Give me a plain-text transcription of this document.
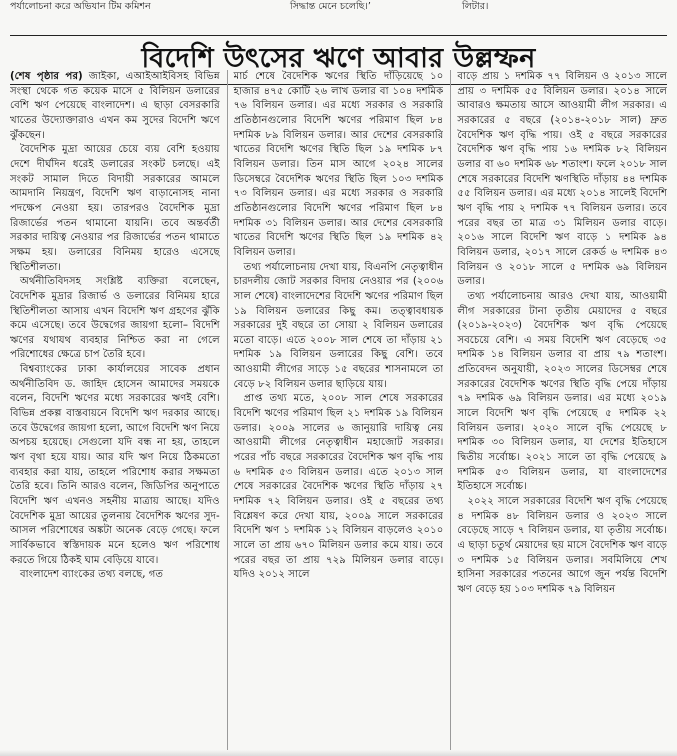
পর্যালোচনা করে অভিযান টিম কমিশন	সিদ্ধান্ত মেনে চলেছি।’	লিটার।
বিদেশি উৎসের ঋণে আবার উল্লম্ফন

(শেষ পৃষ্ঠার পর) জাইকা, এআইআইবিসহ বিভিন্ন সংস্থা থেকে গত কয়েক মাসে ৫ বিলিয়ন ডলারের বেশি ঋণ পেয়েছে বাংলাদেশ। এ ছাড়া বেসরকারি খাতের উদ্যোক্তারাও এখন কম সুদের বিদেশি ঋণে ঝুঁকছেন।

বৈদেশিক মুদ্রা আয়ের চেয়ে ব্যয় বেশি হওয়ায় দেশে দীর্ঘদিন ধরেই ডলারের সংকট চলছে। এই সংকট সামাল দিতে বিদায়ী সরকারের আমলে আমদানি নিয়ন্ত্রণ, বিদেশি ঋণ বাড়ানোসহ নানা পদক্ষেপ নেওয়া হয়। তারপরও বৈদেশিক মুদ্রা রিজার্ভের পতন থামানো যায়নি। তবে অন্তর্বর্তী সরকার দায়িত্ব নেওয়ার পর রিজার্ভের পতন থামাতে সক্ষম হয়। ডলারের বিনিময় হারেও এসেছে স্থিতিশীলতা।

অর্থনীতিবিদসহ সংশ্লিষ্ট ব্যক্তিরা বলেছেন, বৈদেশিক মুদ্রার রিজার্ভ ও ডলারের বিনিময় হারে স্থিতিশীলতা আসায় এখন বিদেশি ঋণ গ্রহণের ঝুঁকি কমে এসেছে। তবে উদ্বেগের জায়গা হলো– বিদেশি ঋণের যথাযথ ব্যবহার নিশ্চিত করা না গেলে পরিশোধের ক্ষেত্রে চাপ তৈরি হবে।

বিশ্বব্যাংকের ঢাকা কার্যালয়ের সাবেক প্রধান অর্থনীতিবিদ ড. জাহিদ হোসেন আমাদের সময়কে বলেন, বিদেশি ঋণের মধ্যে সরকারের ঋণই বেশি। বিভিন্ন প্রকল্প বাস্তবায়নে বিদেশি ঋণ দরকার আছে। তবে উদ্বেগের জায়গা হলো, আগে বিদেশি ঋণ নিয়ে অপচয় হয়েছে। সেগুলো যদি বন্ধ না হয়, তাহলে ঋণ বৃথা হয়ে যায়। আর যদি ঋণ নিয়ে ঠিকমতো ব্যবহার করা যায়, তাহলে পরিশোধ করার সক্ষমতা তৈরি হবে। তিনি আরও বলেন, জিডিপির অনুপাতে বিদেশি ঋণ এখনও সহনীয় মাত্রায় আছে। যদিও বৈদেশিক মুদ্রা আয়ের তুলনায় বৈদেশিক ঋণের সুদ-আসল পরিশোধের অঙ্কটা অনেক বেড়ে গেছে। ফলে সার্বিকভাবে স্বস্তিদায়ক মনে হলেও ঋণ পরিশোধ করতে গিয়ে ঠিকই ঘাম বেড়িয়ে যাবে।

বাংলাদেশ ব্যাংকের তথ্য বলছে, গত

মার্চ শেষে বৈদেশিক ঋণের স্থিতি দাঁড়িয়েছে ১০ হাজার ৪৭৫ কোটি ২৬ লাখ ডলার বা ১০৪ দশমিক ৭৬ বিলিয়ন ডলার। এর মধ্যে সরকার ও সরকারি প্রতিষ্ঠানগুলোর বিদেশি ঋণের পরিমাণ ছিল ৮৪ দশমিক ৮৯ বিলিয়ন ডলার। আর দেশের বেসরকারি খাতের বিদেশি ঋণের স্থিতি ছিল ১৯ দশমিক ৮৭ বিলিয়ন ডলার। তিন মাস আগে ২০২৪ সালের ডিসেম্বরে বৈদেশিক ঋণের স্থিতি ছিল ১০৩ দশমিক ৭৩ বিলিয়ন ডলার। এর মধ্যে সরকার ও সরকারি প্রতিষ্ঠানগুলোর বিদেশি ঋণের পরিমাণ ছিল ৮৪ দশমিক ৩১ বিলিয়ন ডলার। আর দেশের বেসরকারি খাতের বিদেশি ঋণের স্থিতি ছিল ১৯ দশমিক ৪২ বিলিয়ন ডলার।

তথ্য পর্যালোচনায় দেখা যায়, বিএনপি নেতৃত্বাধীন চারদলীয় জোট সরকার বিদায় নেওয়ার পর (২০০৬ সাল শেষে) বাংলাদেশের বিদেশি ঋণের পরিমাণ ছিল ১৯ বিলিয়ন ডলারের কিছু কম। তত্ত্বাবধায়ক সরকারের দুই বছরে তা সোয়া ২ বিলিয়ন ডলারের মতো বাড়ে। এতে ২০০৮ সাল শেষে তা দাঁড়ায় ২১ দশমিক ১৯ বিলিয়ন ডলারের কিছু বেশি। তবে আওয়ামী লীগের সাড়ে ১৫ বছরের শাসনামলে তা বেড়ে ৮২ বিলিয়ন ডলার ছাড়িয়ে যায়।

প্রাপ্ত তথ্য মতে, ২০০৮ সাল শেষে সরকারের বিদেশি ঋণের পরিমাণ ছিল ২১ দশমিক ১৯ বিলিয়ন ডলার। ২০০৯ সালের ৬ জানুয়ারি দায়িত্ব নেয় আওয়ামী লীগের নেতৃত্বাধীন মহাজোট সরকার। পরের পাঁচ বছরে সরকারের বৈদেশিক ঋণ বৃদ্ধি পায় ৬ দশমিক ৫৩ বিলিয়ন ডলার। এতে ২০১৩ সাল শেষে সরকারের বৈদেশিক ঋণের স্থিতি দাঁড়ায় ২৭ দশমিক ৭২ বিলিয়ন ডলার। ওই ৫ বছরের তথ্য বিশ্লেষণ করে দেখা যায়, ২০০৯ সালে সরকারের বিদেশি ঋণ ১ দশমিক ১২ বিলিয়ন বাড়লেও ২০১০ সালে তা প্রায় ৬৭০ মিলিয়ন ডলার কমে যায়। তবে পরের বছর তা প্রায় ৭২৯ মিলিয়ন ডলার বাড়ে। যদিও ২০১২ সালে

বাড়ে প্রায় ১ দশমিক ৭৭ বিলিয়ন ও ২০১৩ সালে প্রায় ৩ দশমিক ৫৫ বিলিয়ন ডলার। ২০১৪ সালে আবারও ক্ষমতায় আসে আওয়ামী লীগ সরকার। এ সরকারের ৫ বছরে (২০১৪-২০১৮ সাল) দ্রুত বৈদেশিক ঋণ বৃদ্ধি পায়। ওই ৫ বছরে সরকারের বৈদেশিক ঋণ বৃদ্ধি পায় ১৬ দশমিক ৮২ বিলিয়ন ডলার বা ৬০ দশমিক ৬৮ শতাংশ। ফলে ২০১৮ সাল শেষে সরকারের বিদেশি ঋণস্থিতি দাঁড়ায় ৪৪ দশমিক ৫৫ বিলিয়ন ডলার। এর মধ্যে ২০১৪ সালেই বিদেশি ঋণ বৃদ্ধি পায় ২ দশমিক ৭৭ বিলিয়ন ডলার। তবে পরের বছর তা মাত্র ৩১ মিলিয়ন ডলার বাড়ে। ২০১৬ সালে বিদেশি ঋণ বাড়ে ১ দশমিক ৯৪ বিলিয়ন ডলার, ২০১৭ সালে রেকর্ড ৬ দশমিক ৪৩ বিলিয়ন ও ২০১৮ সালে ৫ দশমিক ৬৯ বিলিয়ন ডলার।

তথ্য পর্যালোচনায় আরও দেখা যায়, আওয়ামী লীগ সরকারের টানা তৃতীয় মেয়াদের ৫ বছরে (২০১৯-২০২৩) বৈদেশিক ঋণ বৃদ্ধি পেয়েছে সবচেয়ে বেশি। এ সময় বিদেশি ঋণ বেড়েছে ৩৫ দশমিক ১৪ বিলিয়ন ডলার বা প্রায় ৭৯ শতাংশ। প্রতিবেদন অনুযায়ী, ২০২৩ সালের ডিসেম্বর শেষে সরকারের বৈদেশিক ঋণের স্থিতি বৃদ্ধি পেয়ে দাঁড়ায় ৭৯ দশমিক ৬৯ বিলিয়ন ডলার। এর মধ্যে ২০১৯ সালে বিদেশি ঋণ বৃদ্ধি পেয়েছে ৫ দশমিক ২২ বিলিয়ন ডলার। ২০২০ সালে বৃদ্ধি পেয়েছে ৮ দশমিক ৩০ বিলিয়ন ডলার, যা দেশের ইতিহাসে দ্বিতীয় সর্বোচ্চ। ২০২১ সালে তা বৃদ্ধি পেয়েছে ৯ দশমিক ৫৩ বিলিয়ন ডলার, যা বাংলাদেশের ইতিহাসে সর্বোচ্চ।

২০২২ সালে সরকারের বিদেশি ঋণ বৃদ্ধি পেয়েছে ৪ দশমিক ৪৮ বিলিয়ন ডলার ও ২০২৩ সালে বেড়েছে সাড়ে ৭ বিলিয়ন ডলার, যা তৃতীয় সর্বোচ্চ। এ ছাড়া চতুর্থ মেয়াদের ছয় মাসে বৈদেশিক ঋণ বাড়ে ৩ দশমিক ১৫ বিলিয়ন ডলার। সবমিলিয়ে শেখ হাসিনা সরকারের পতনের আগে জুন পর্যন্ত বিদেশি ঋণ বেড়ে হয় ১০৩ দশমিক ৭৯ বিলিয়ন
